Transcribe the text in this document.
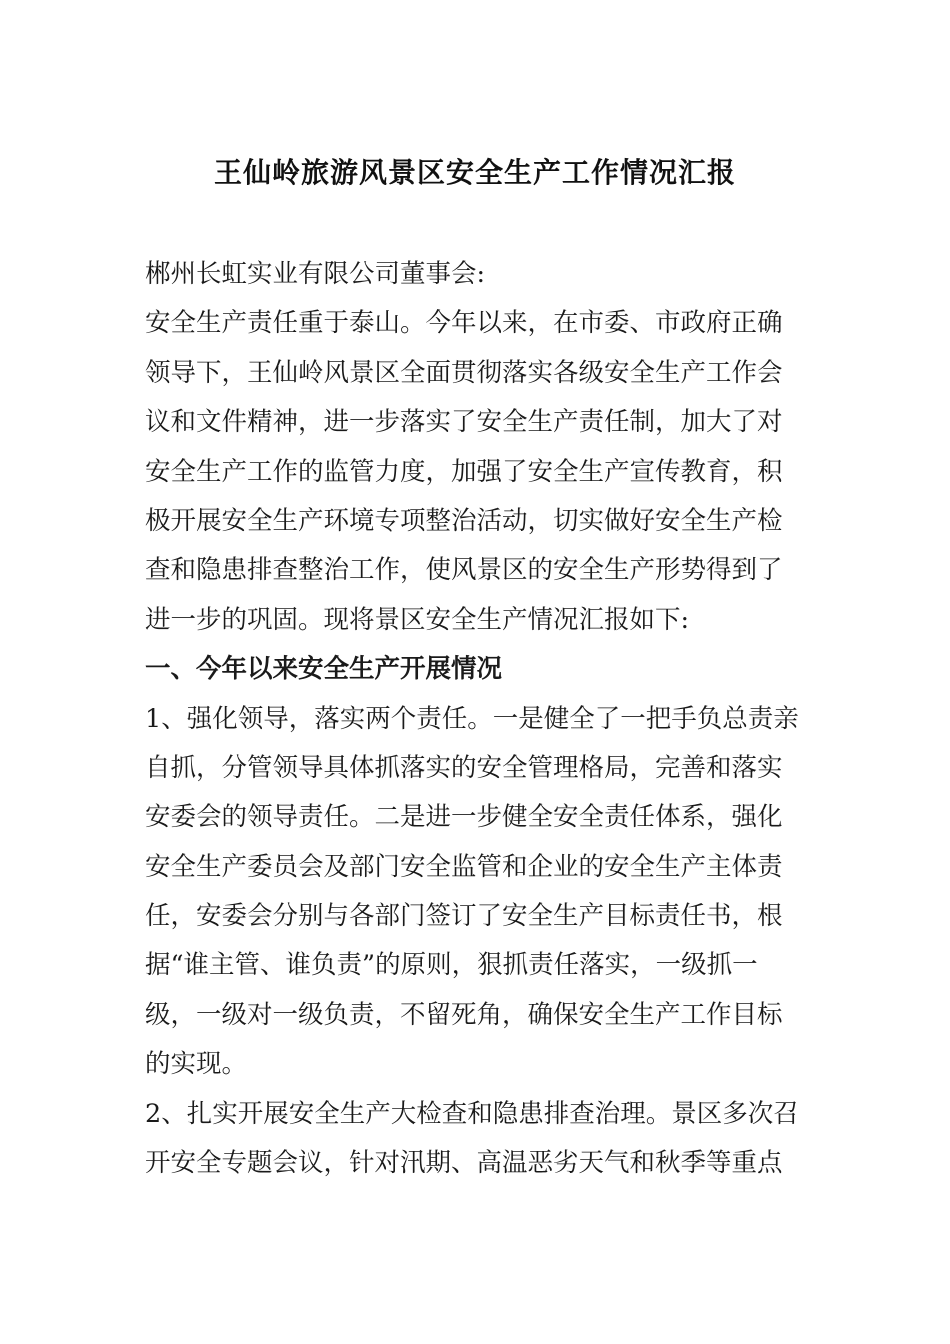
王仙岭旅游风景区安全生产工作情况汇报
郴州长虹实业有限公司董事会:
安全生产责任重于泰山。今年以来，在市委、市政府正确
领导下，王仙岭风景区全面贯彻落实各级安全生产工作会
议和文件精神，进一步落实了安全生产责任制，加大了对
安全生产工作的监管力度，加强了安全生产宣传教育，积
极开展安全生产环境专项整治活动，切实做好安全生产检
查和隐患排查整治工作，使风景区的安全生产形势得到了
进一步的巩固。现将景区安全生产情况汇报如下:
一、今年以来安全生产开展情况
1、强化领导，落实两个责任。一是健全了一把手负总责亲
自抓，分管领导具体抓落实的安全管理格局，完善和落实
安委会的领导责任。二是进一步健全安全责任体系，强化
安全生产委员会及部门安全监管和企业的安全生产主体责
任，安委会分别与各部门签订了安全生产目标责任书，根
据“谁主管、谁负责”的原则，狠抓责任落实，一级抓一
级，一级对一级负责，不留死角，确保安全生产工作目标
的实现。
2、扎实开展安全生产大检查和隐患排查治理。景区多次召
开安全专题会议，针对汛期、高温恶劣天气和秋季等重点
